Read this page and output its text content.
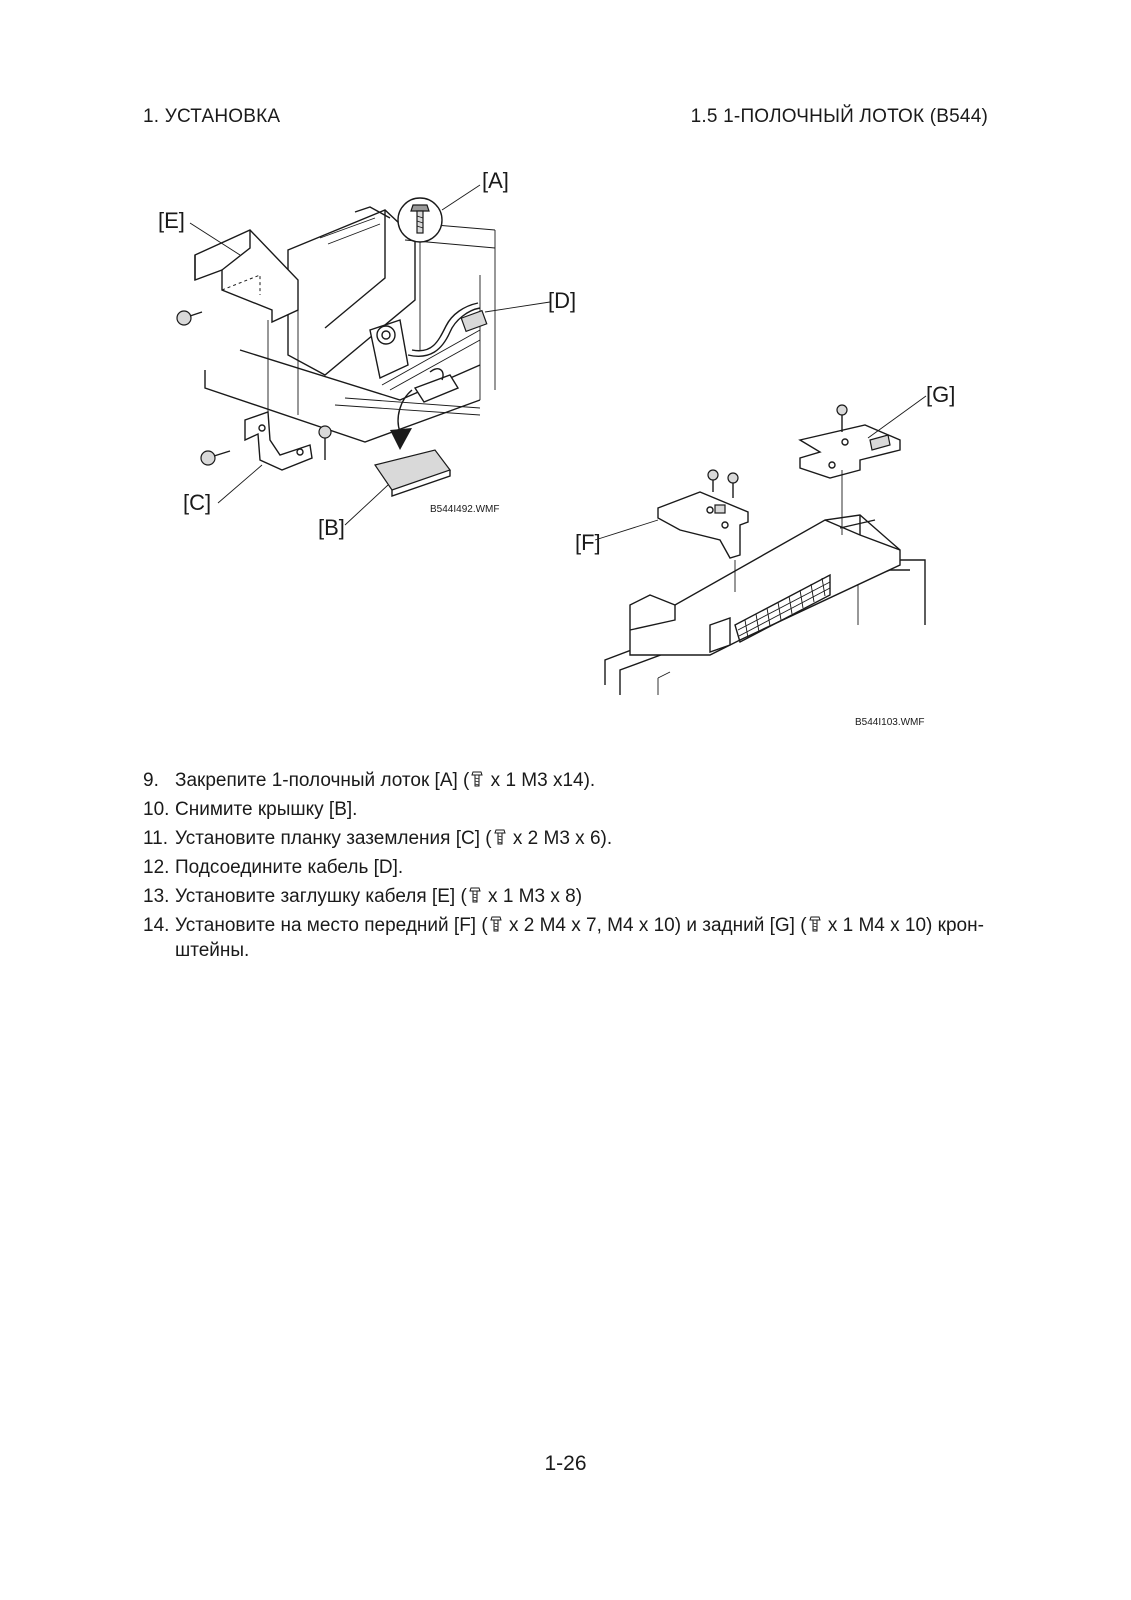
1. УСТАНОВКА	1.5 1-ПОЛОЧНЫЙ ЛОТОК (B544)
[A]
[E]
[D]
[C]
[B]
B544I492.WMF
[G]
[F]
B544I103.WMF
9. Закрепите 1-полочный лоток [A] ( x 1 M3 x14).
10. Снимите крышку [B].
11. Установите планку заземления [C] ( x 2 M3 x 6).
12. Подсоедините кабель [D].
13. Установите заглушку кабеля [E] ( x 1 M3 x 8)
14. Установите на место передний [F] ( x 2 M4 x 7, M4 x 10) и задний [G] ( x 1 M4 x 10) крон-
штейны.
1-26
